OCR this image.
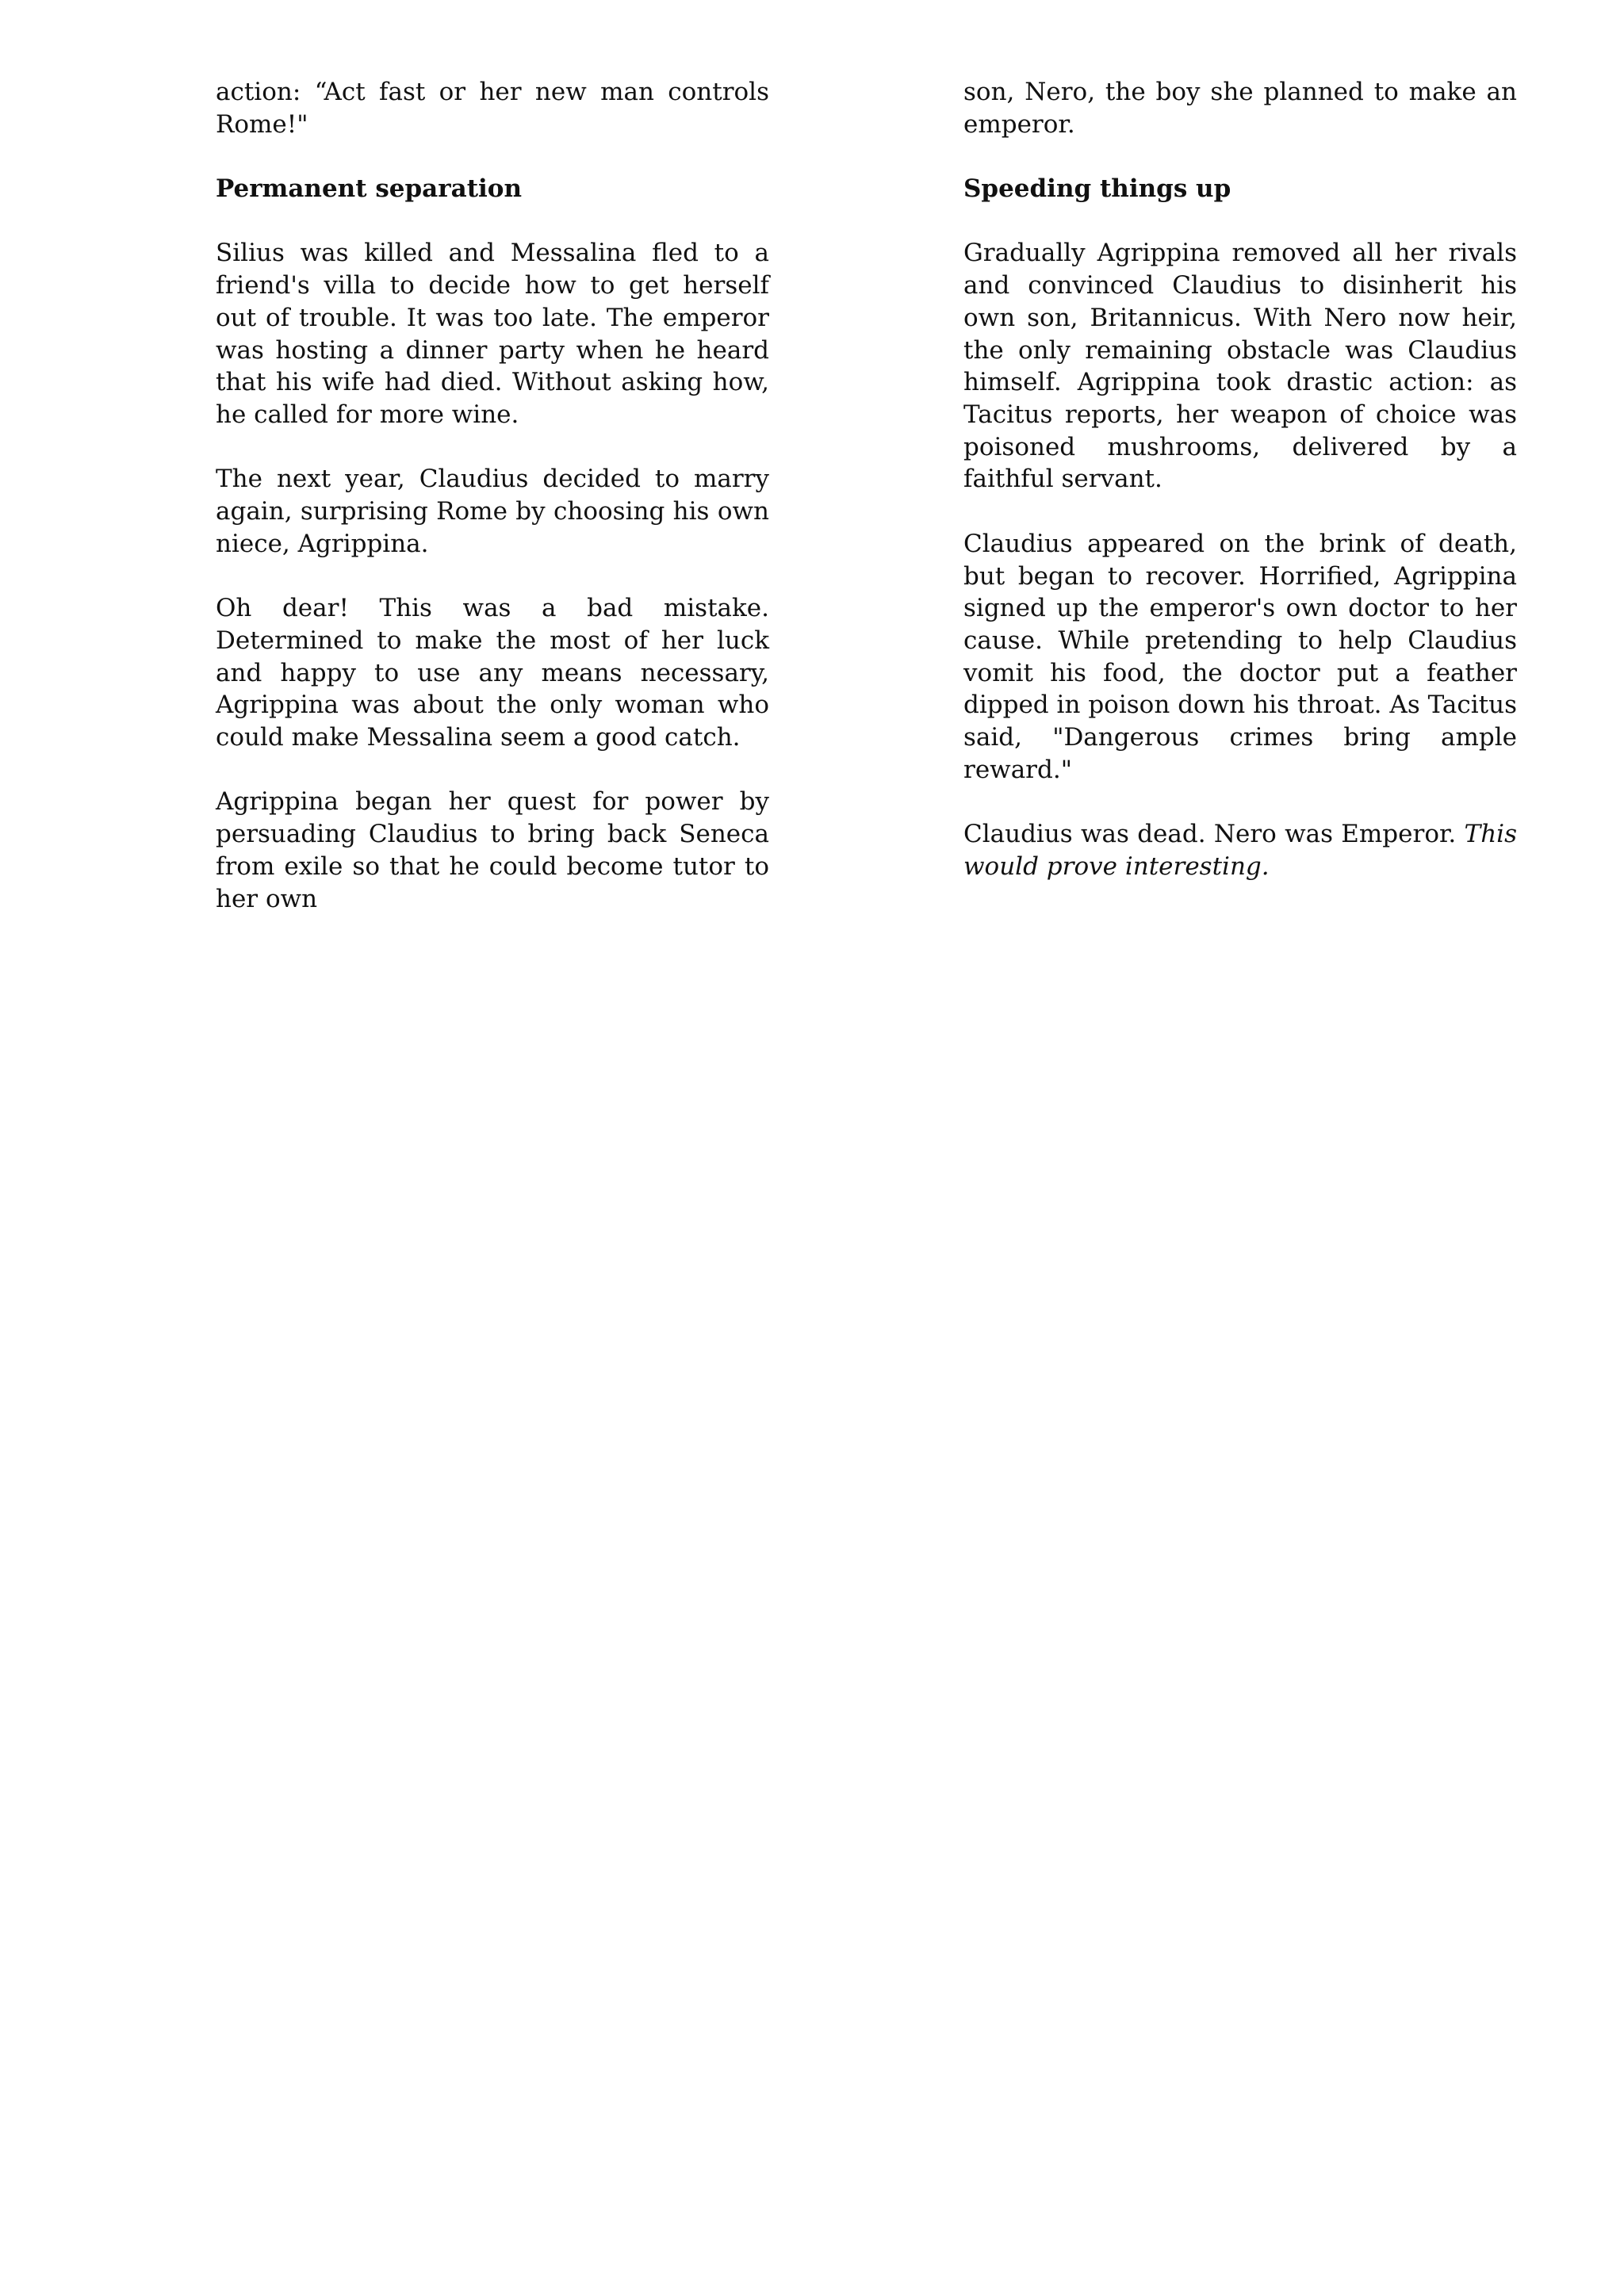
action: “Act fast or her new man controls Rome!"

Permanent separation

Silius was killed and Messalina fled to a friend's villa to decide how to get herself out of trouble. It was too late. The emperor was hosting a dinner party when he heard that his wife had died. Without asking how, he called for more wine.

The next year, Claudius decided to marry again, surprising Rome by choosing his own niece, Agrippina.

Oh dear! This was a bad mistake. Determined to make the most of her luck and happy to use any means necessary, Agrippina was about the only woman who could make Messalina seem a good catch.

Agrippina began her quest for power by persuading Claudius to bring back Seneca from exile so that he could become tutor to her own

son, Nero, the boy she planned to make an emperor.

Speeding things up

Gradually Agrippina removed all her rivals and convinced Claudius to disinherit his own son, Britannicus. With Nero now heir, the only remaining obstacle was Claudius himself. Agrippina took drastic action: as Tacitus reports, her weapon of choice was poisoned mushrooms, delivered by a faithful servant.

Claudius appeared on the brink of death, but began to recover. Horrified, Agrippina signed up the emperor's own doctor to her cause. While pretending to help Claudius vomit his food, the doctor put a feather dipped in poison down his throat. As Tacitus said, "Dangerous crimes bring ample reward."

Claudius was dead. Nero was Emperor. This would prove interesting.
